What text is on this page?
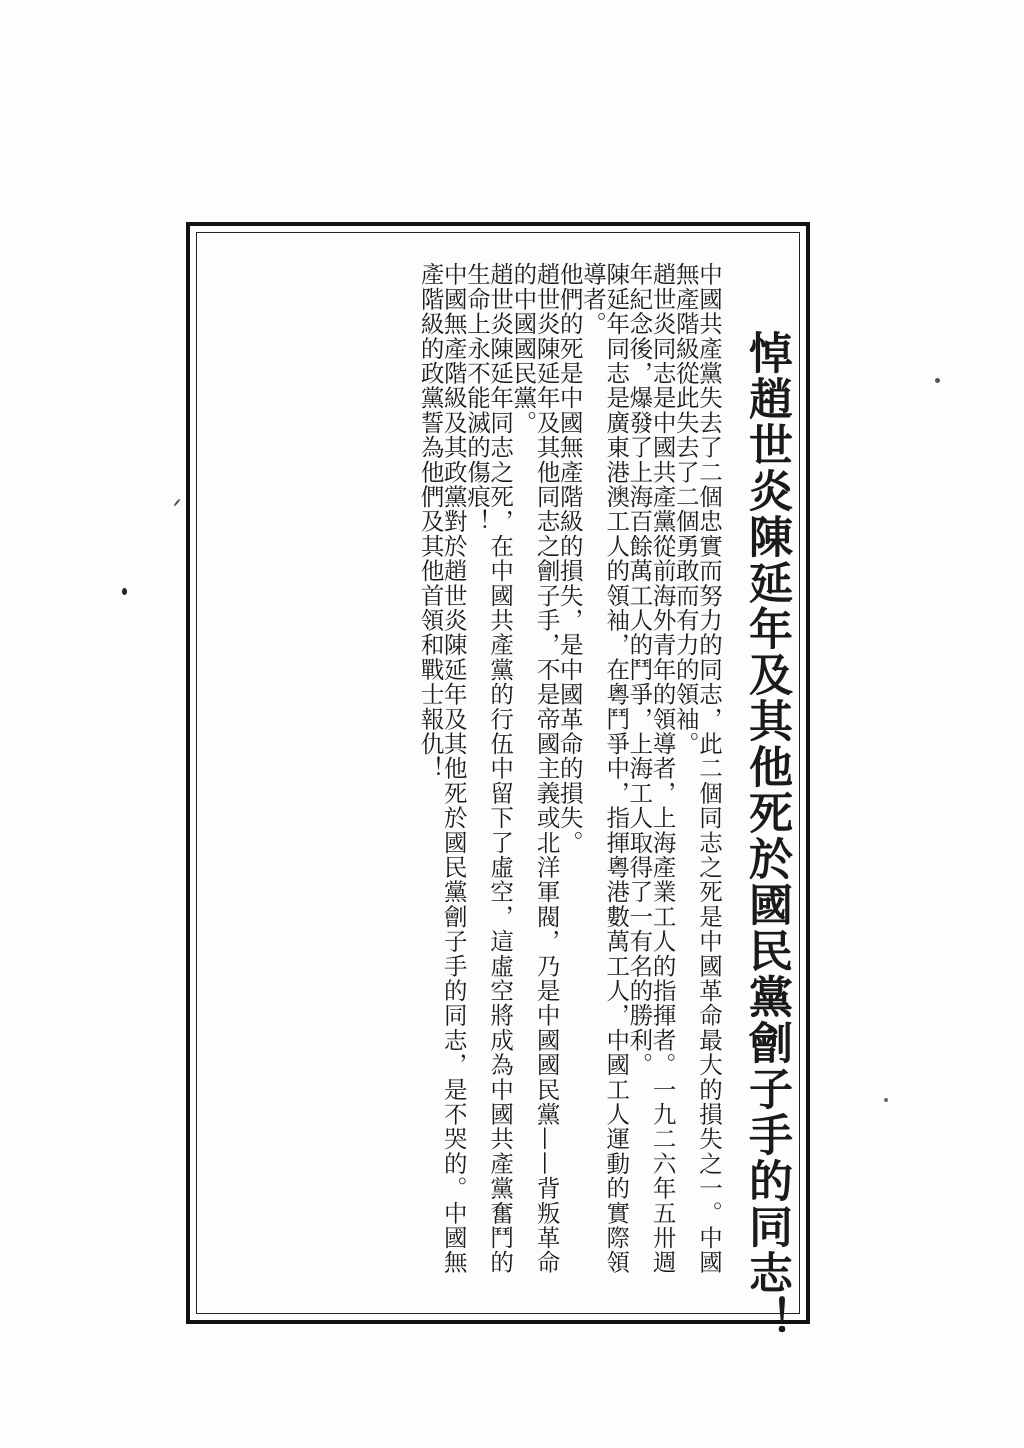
悼趙世炎陳延年及其他死於國民黨劊子手的同志！
中國共產黨失去了二個忠實而努力的同志，此二個同志之死是中國革命最大的損失之一。中國無產階級從此失去了二個勇敢而有力的領袖。
趙世炎同志是中國共產黨從前海外青年的領導者，上海產業工人的指揮者。一九二六年五卅週年紀念後，爆發了上海百餘萬工人的鬥爭，上海工人取得了一有名的勝利。
陳延年同志是廣東港澳工人的領袖，在粵鬥爭中，指揮粵港數萬工人，中國工人運動的實際領導者。
他們的死是中國無產階級的損失，是中國革命的損失。
趙世炎陳延年及其他同志之劊子手，不是帝國主義或北洋軍閥，乃是中國國民黨——背叛革命的中國國民黨。
趙世炎陳延年同志之死，在中國共產黨的行伍中留下了虛空，這虛空將成為中國共產黨奮鬥的生命上永不能滅的傷痕！
中國無產階級及其政黨對於趙世炎陳延年及其他死於國民黨劊子手的同志，是不哭的。中國無產階級的政黨誓為他們及其他首領和戰士報仇！
